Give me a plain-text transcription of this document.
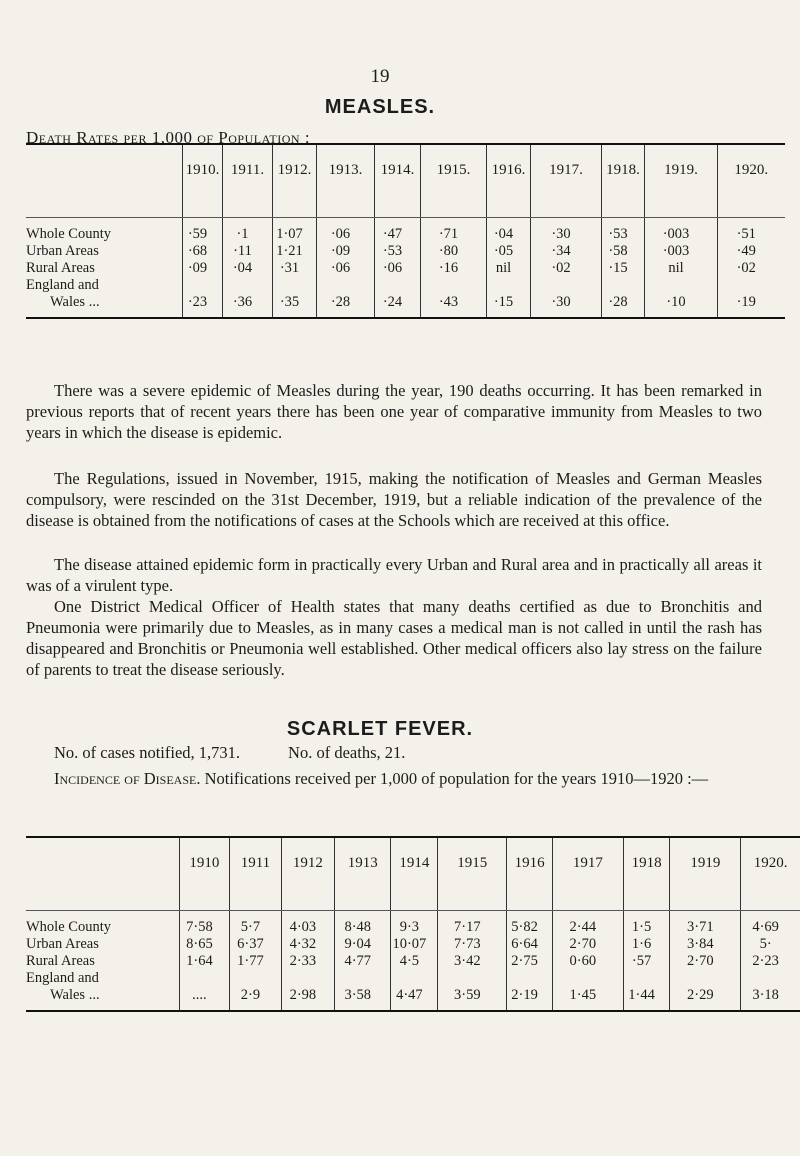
19
MEASLES.
Death Rates per 1,000 of Population :
	1910.	1911.	1912.	1913.	1914.	1915.	1916.	1917.	1918.	1919.	1920.

Whole County	·59	·1	1·07	·06	·47	·71	·04	·30	·53	·003	·51
Urban Areas	·68	·11	1·21	·09	·53	·80	·05	·34	·58	·003	·49
Rural Areas	·09	·04	·31	·06	·06	·16	nil	·02	·15	nil	·02
England and											
Wales ...	·23	·36	·35	·28	·24	·43	·15	·30	·28	·10	·19
There was a severe epidemic of Measles during the year, 190 deaths occurring. It has been remarked in previous reports that of recent years there has been one year of comparative immunity from Measles to two years in which the disease is epidemic.
The Regulations, issued in November, 1915, making the notification of Measles and German Measles compulsory, were rescinded on the 31st December, 1919, but a reliable indication of the prevalence of the disease is obtained from the notifications of cases at the Schools which are received at this office.
The disease attained epidemic form in practically every Urban and Rural area and in practically all areas it was of a virulent type.
One District Medical Officer of Health states that many deaths certified as due to Bronchitis and Pneumonia were primarily due to Measles, as in many cases a medical man is not called in until the rash has disappeared and Bronchitis or Pneumonia well established. Other medical officers also lay stress on the failure of parents to treat the disease seriously.
SCARLET FEVER.
No. of cases notified, 1,731.	No. of deaths, 21.
Incidence of Disease. Notifications received per 1,000 of population for the years 1910—1920 :—
	1910	1911	1912	1913	1914	1915	1916	1917	1918	1919	1920.

Whole County	7·58	5·7	4·03	8·48	9·3	7·17	5·82	2·44	1·5	3·71	4·69
Urban Areas	8·65	6·37	4·32	9·04	10·07	7·73	6·64	2·70	1·6	3·84	5·
Rural Areas	1·64	1·77	2·33	4·77	4·5	3·42	2·75	0·60	·57	2·70	2·23
England and											
Wales ...	....	2·9	2·98	3·58	4·47	3·59	2·19	1·45	1·44	2·29	3·18
